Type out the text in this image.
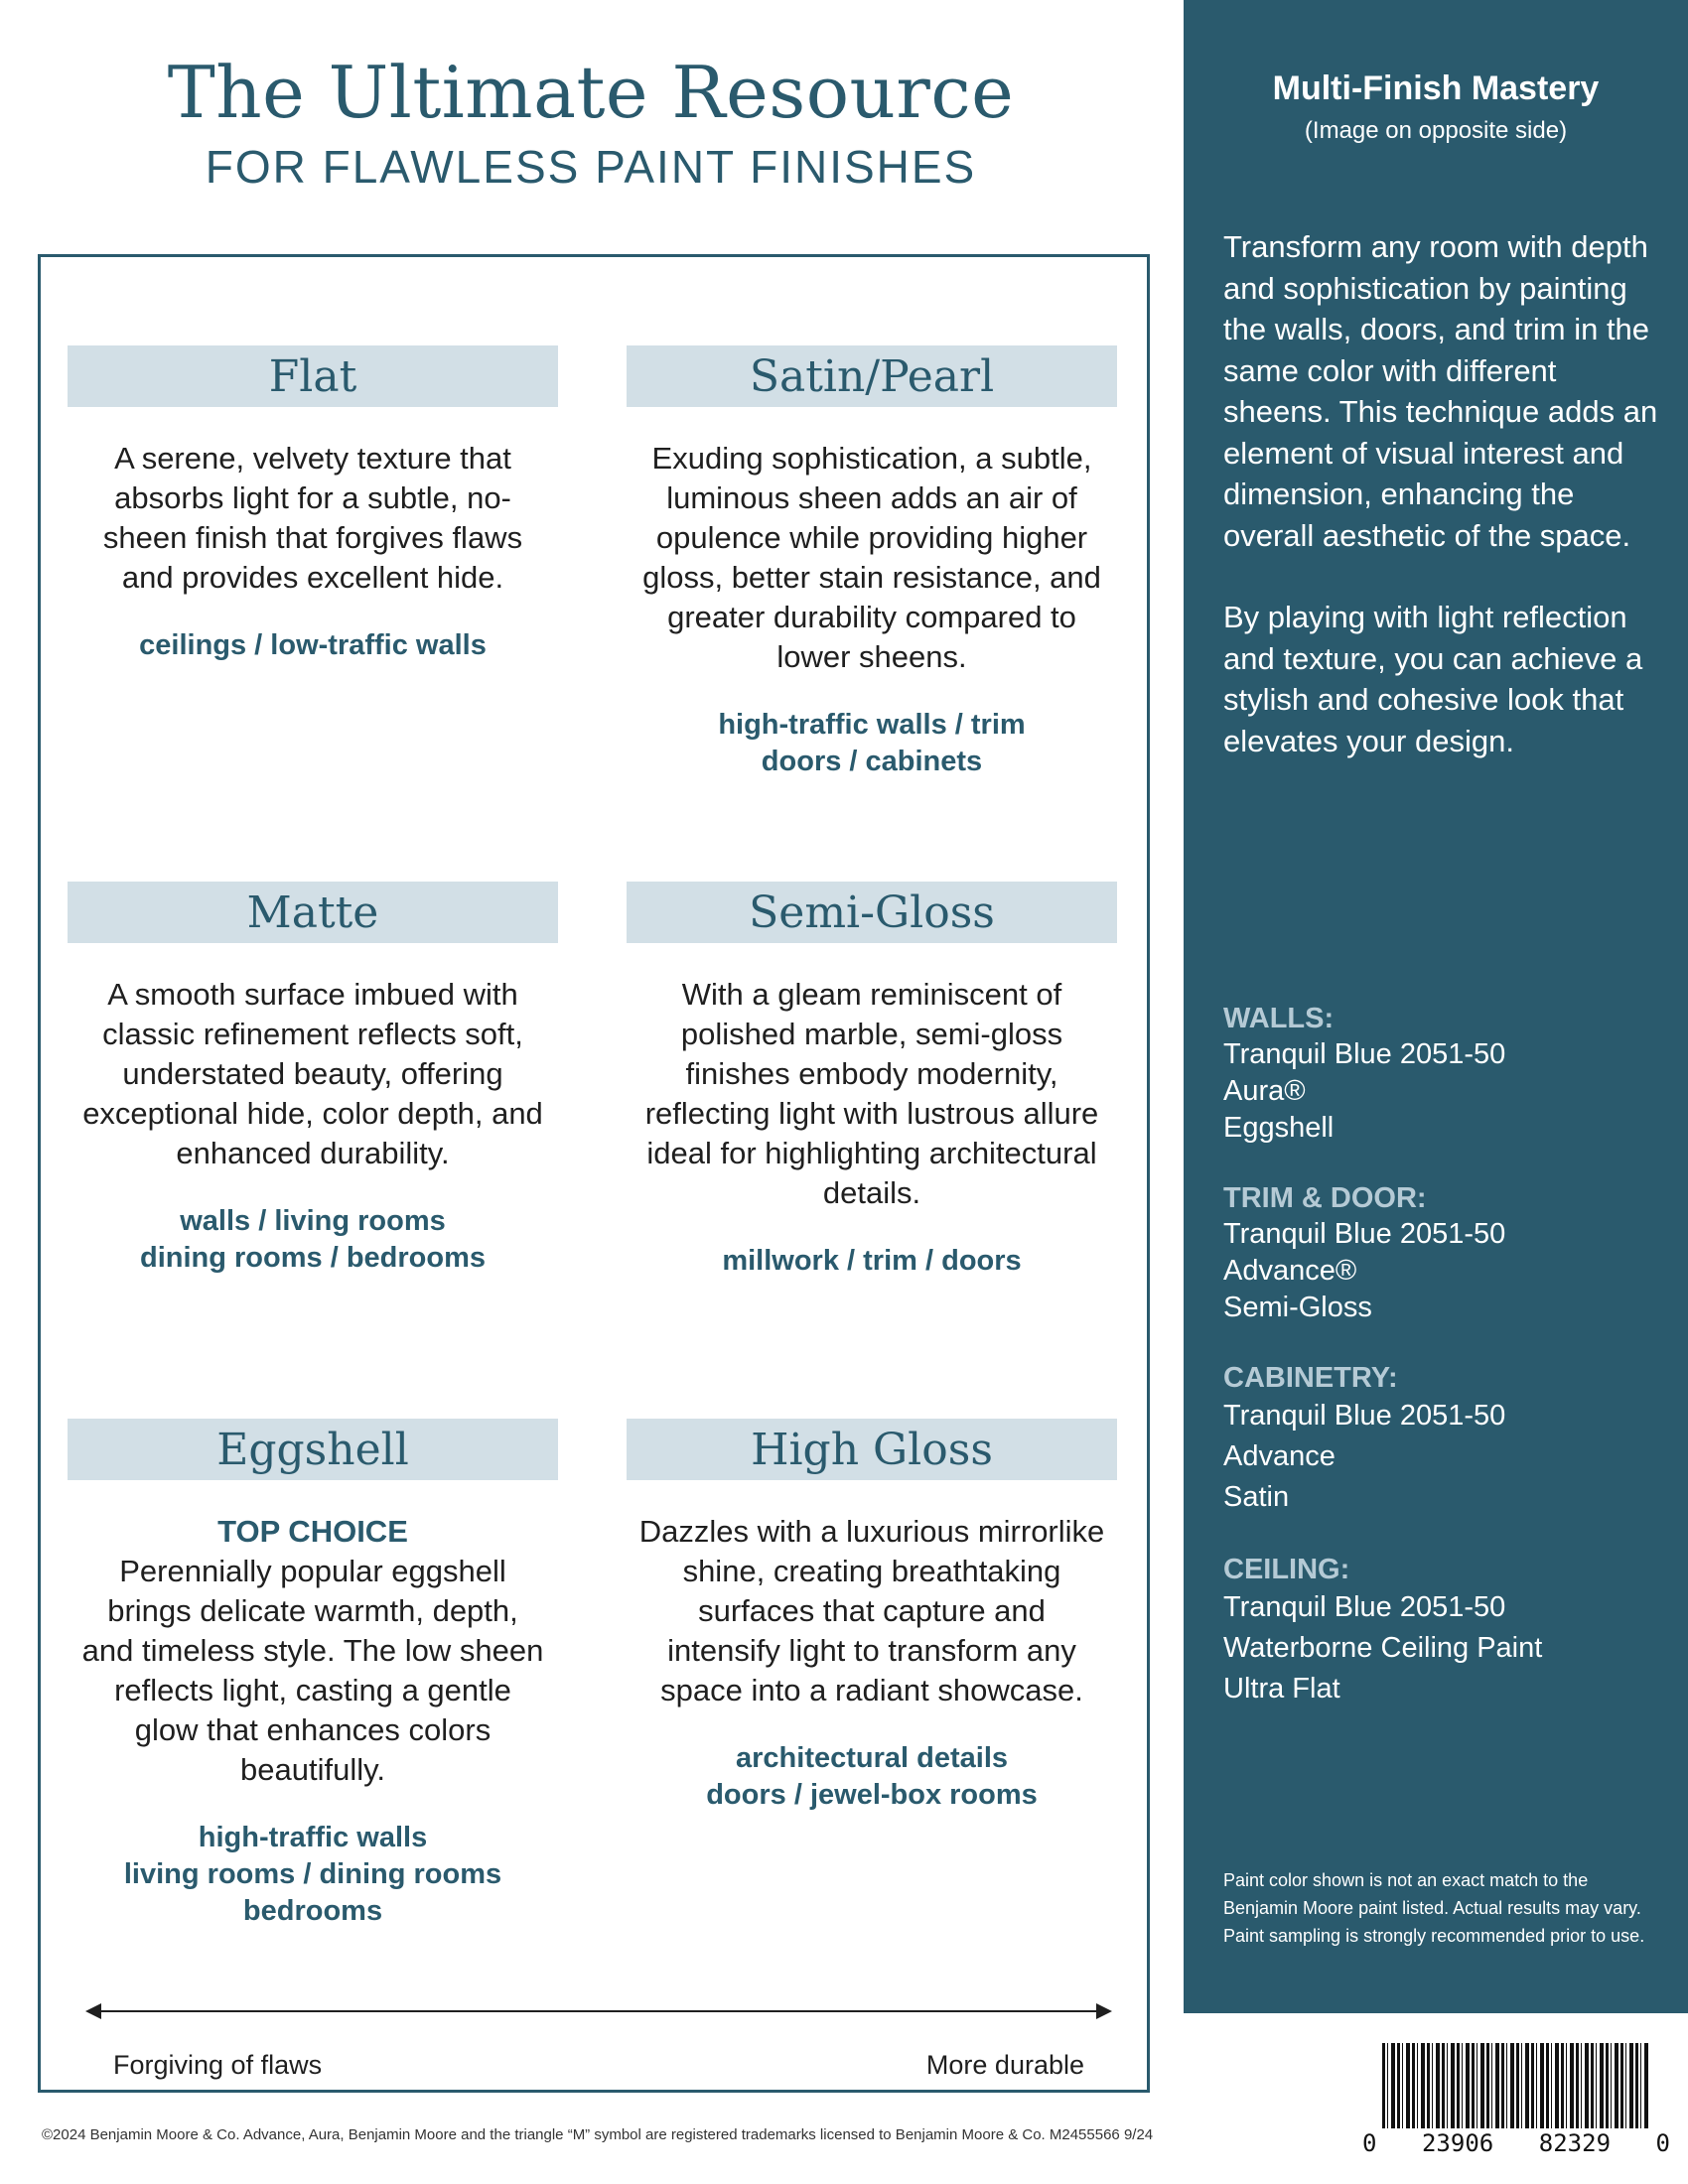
The Ultimate Resource
FOR FLAWLESS PAINT FINISHES
Flat
A serene, velvety texture that absorbs light for a subtle, no-sheen finish that forgives flaws and provides excellent hide.
ceilings / low-traffic walls
Satin/Pearl
Exuding sophistication, a subtle, luminous sheen adds an air of opulence while providing higher gloss, better stain resistance, and greater durability compared to lower sheens.
high-traffic walls / trim
doors / cabinets
Matte
A smooth surface imbued with classic refinement reflects soft, understated beauty, offering exceptional hide, color depth, and enhanced durability.
walls / living rooms
dining rooms / bedrooms
Semi-Gloss
With a gleam reminiscent of polished marble, semi-gloss finishes embody modernity, reflecting light with lustrous allure ideal for highlighting architectural details.
millwork / trim / doors
Eggshell
TOP CHOICE
Perennially popular eggshell brings delicate warmth, depth, and timeless style. The low sheen reflects light, casting a gentle glow that enhances colors beautifully.
high-traffic walls
living rooms / dining rooms
bedrooms
High Gloss
Dazzles with a luxurious mirrorlike shine, creating breathtaking surfaces that capture and intensify light to transform any space into a radiant showcase.
architectural details
doors / jewel-box rooms
Forgiving of flaws	More durable
Multi-Finish Mastery
(Image on opposite side)

Transform any room with depth and sophistication by painting the walls, doors, and trim in the same color with different sheens. This technique adds an element of visual interest and dimension, enhancing the overall aesthetic of the space.

By playing with light reflection and texture, you can achieve a stylish and cohesive look that elevates your design.

WALLS:
Tranquil Blue 2051-50
Aura®
Eggshell
TRIM & DOOR:
Tranquil Blue 2051-50
Advance®
Semi-Gloss
CABINETRY:
Tranquil Blue 2051-50
Advance
Satin
CEILING:
Tranquil Blue 2051-50
Waterborne Ceiling Paint
Ultra Flat
Paint color shown is not an exact match to the Benjamin Moore paint listed. Actual results may vary. Paint sampling is strongly recommended prior to use.
©2024 Benjamin Moore & Co. Advance, Aura, Benjamin Moore and the triangle “M” symbol are registered trademarks licensed to Benjamin Moore & Co. M2455566 9/24	0 23906 82329 0
